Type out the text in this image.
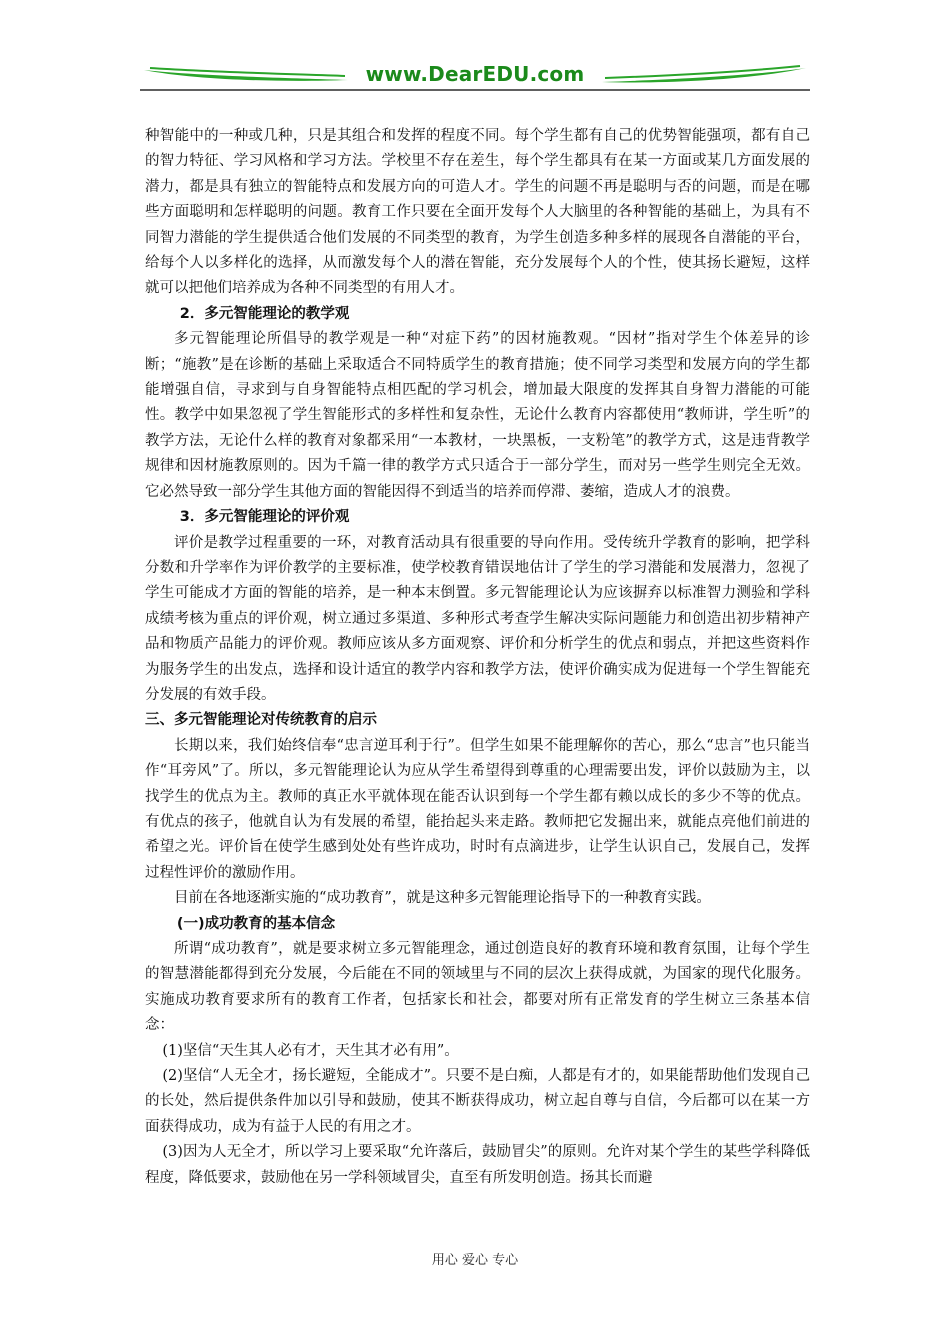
www.DearEDU.com

种智能中的一种或几种，只是其组合和发挥的程度不同。每个学生都有自己的优势智能强项，都有自己的智力特征、学习风格和学习方法。学校里不存在差生，每个学生都具有在某一方面或某几方面发展的潜力，都是具有独立的智能特点和发展方向的可造人才。学生的问题不再是聪明与否的问题，而是在哪些方面聪明和怎样聪明的问题。教育工作只要在全面开发每个人大脑里的各种智能的基础上，为具有不同智力潜能的学生提供适合他们发展的不同类型的教育，为学生创造多种多样的展现各自潜能的平台，给每个人以多样化的选择，从而激发每个人的潜在智能，充分发展每个人的个性，使其扬长避短，这样就可以把他们培养成为各种不同类型的有用人才。

2．多元智能理论的教学观

多元智能理论所倡导的教学观是一种“对症下药”的因材施教观。“因材”指对学生个体差异的诊断；“施教”是在诊断的基础上采取适合不同特质学生的教育措施；使不同学习类型和发展方向的学生都能增强自信，寻求到与自身智能特点相匹配的学习机会，增加最大限度的发挥其自身智力潜能的可能性。教学中如果忽视了学生智能形式的多样性和复杂性，无论什么教育内容都使用“教师讲，学生听”的教学方法，无论什么样的教育对象都采用“一本教材，一块黑板，一支粉笔”的教学方式，这是违背教学规律和因材施教原则的。因为千篇一律的教学方式只适合于一部分学生，而对另一些学生则完全无效。它必然导致一部分学生其他方面的智能因得不到适当的培养而停滞、萎缩，造成人才的浪费。

3．多元智能理论的评价观

评价是教学过程重要的一环，对教育活动具有很重要的导向作用。受传统升学教育的影响，把学科分数和升学率作为评价教学的主要标准，使学校教育错误地估计了学生的学习潜能和发展潜力，忽视了学生可能成才方面的智能的培养，是一种本末倒置。多元智能理论认为应该摒弃以标准智力测验和学科成绩考核为重点的评价观，树立通过多渠道、多种形式考查学生解决实际问题能力和创造出初步精神产品和物质产品能力的评价观。教师应该从多方面观察、评价和分析学生的优点和弱点，并把这些资料作为服务学生的出发点，选择和设计适宜的教学内容和教学方法，使评价确实成为促进每一个学生智能充分发展的有效手段。

三、多元智能理论对传统教育的启示

长期以来，我们始终信奉“忠言逆耳利于行”。但学生如果不能理解你的苦心，那么“忠言”也只能当作“耳旁风”了。所以，多元智能理论认为应从学生希望得到尊重的心理需要出发，评价以鼓励为主，以找学生的优点为主。教师的真正水平就体现在能否认识到每一个学生都有赖以成长的多少不等的优点。有优点的孩子，他就自认为有发展的希望，能抬起头来走路。教师把它发掘出来，就能点亮他们前进的希望之光。评价旨在使学生感到处处有些许成功，时时有点滴进步，让学生认识自己，发展自己，发挥过程性评价的激励作用。

目前在各地逐渐实施的“成功教育”，就是这种多元智能理论指导下的一种教育实践。

(一)成功教育的基本信念

所谓“成功教育”，就是要求树立多元智能理念，通过创造良好的教育环境和教育氛围，让每个学生的智慧潜能都得到充分发展，今后能在不同的领域里与不同的层次上获得成就，为国家的现代化服务。实施成功教育要求所有的教育工作者，包括家长和社会，都要对所有正常发育的学生树立三条基本信念：

(1)坚信“天生其人必有才，天生其才必有用”。

(2)坚信“人无全才，扬长避短，全能成才”。只要不是白痴，人都是有才的，如果能帮助他们发现自己的长处，然后提供条件加以引导和鼓励，使其不断获得成功，树立起自尊与自信，今后都可以在某一方面获得成功，成为有益于人民的有用之才。

(3)因为人无全才，所以学习上要采取“允许落后，鼓励冒尖”的原则。允许对某个学生的某些学科降低程度，降低要求，鼓励他在另一学科领域冒尖，直至有所发明创造。扬其长而避

用心 爱心 专心
